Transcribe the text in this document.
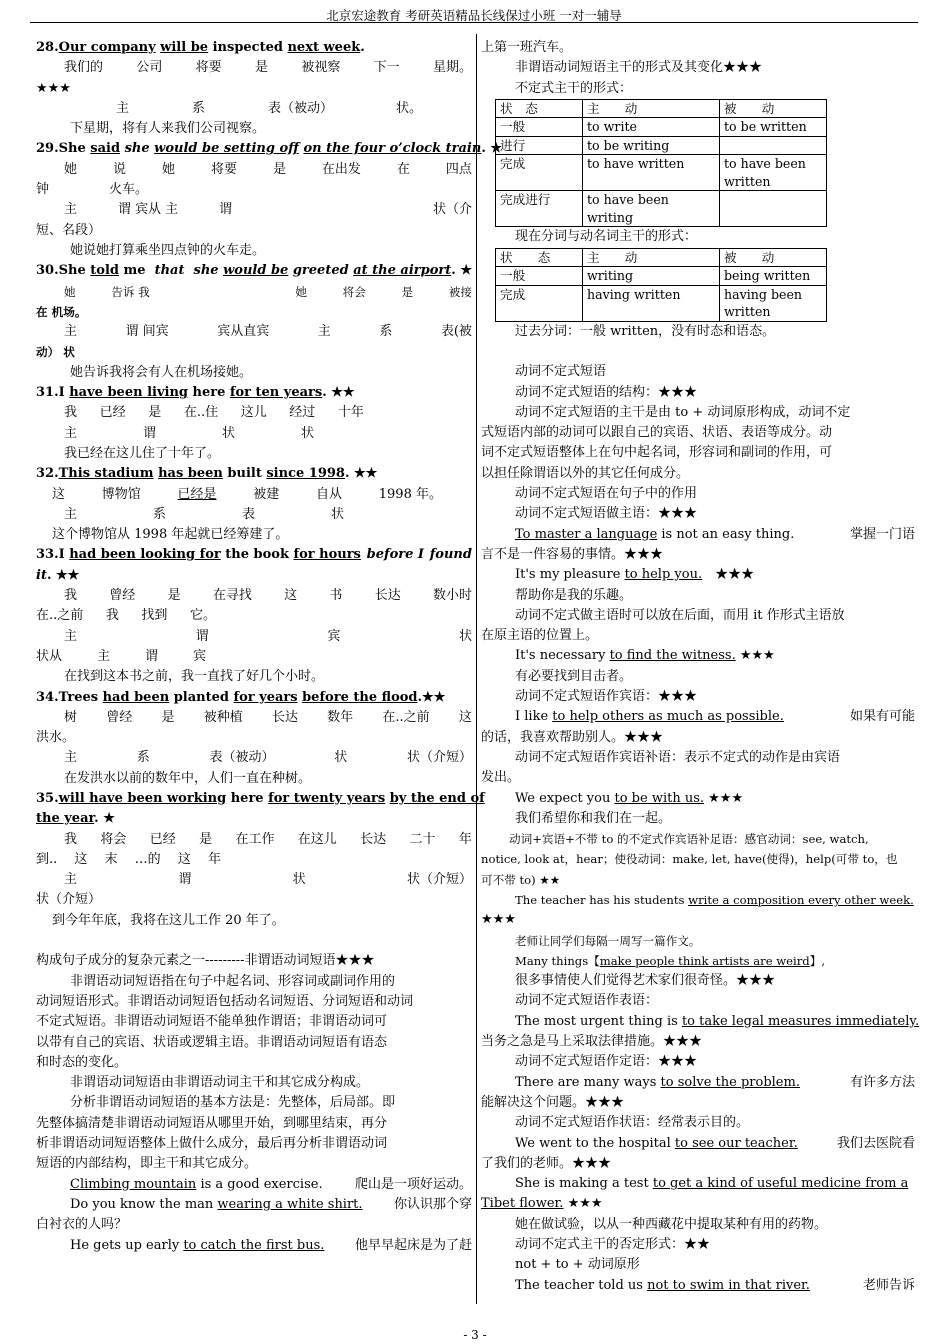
北京宏途教育 考研英语精品长线保过小班 一对一辅导
28.Our company will be inspected next week.
我们的	公司	将要	是	被视察	下一	星期。
★★★
主	系	表（被动）	状。
下星期，将有人来我们公司视察。
29.She said she would be setting off on the four o’clock train. ★
她	说	她	将要	是	在出发	在	四点
钟	火车。
主	谓 宾从 主	谓	状（介
短、名段）
她说她打算乘坐四点钟的火车走。
30.She told me that she would be greeted at the airport. ★
她	告诉 我	她	将会	是	被接
在 机场。
主	谓 间宾	宾从直宾	主	系	表(被
动） 状
她告诉我将会有人在机场接她。
31.I have been living here for ten years. ★★
我 已经 是 在..住 这儿 经过 十年
主	谓	状	状
我已经在这儿住了十年了。
32.This stadium has been built since 1998. ★★
这	博物馆	已经是	被建	自从	1998 年。
主	系	表	状
这个博物馆从 1998 年起就已经筹建了。
33.I had been looking for the book for hours before I found
it. ★★
我 曾经 是 在寻找 这 书 长达 数小时
在..之前 我 找到 它。
主	谓	宾	状
状从	主	谓	宾
在找到这本书之前，我一直找了好几个小时。
34.Trees had been planted for years before the flood.★★
树 曾经 是 被种植 长达 数年 在..之前 这
洪水。
主	系	表（被动）	状	状（介短）
在发洪水以前的数年中，人们一直在种树。
35.will have been working here for twenty years by the end of
the year. ★
我 将会 已经 是 在工作 在这儿 长达 二十 年
到.. 这 末 …的 这 年
主	谓	状	状（介短）
状（介短）
到今年年底，我将在这儿工作 20 年了。
构成句子成分的复杂元素之一---------非谓语动词短语★★★
非谓语动词短语指在句子中起名词、形容词或副词作用的
动词短语形式。非谓语动词短语包括动名词短语、分词短语和动词
不定式短语。非谓语动词短语不能单独作谓语；非谓语动词可
以带有自己的宾语、状语或逻辑主语。非谓语动词短语有语态
和时态的变化。
非谓语动词短语由非谓语动词主干和其它成分构成。
分析非谓语动词短语的基本方法是：先整体，后局部。即
先整体搞清楚非谓语动词短语从哪里开始，到哪里结束，再分
析非谓语动词短语整体上做什么成分，最后再分析非谓语动词
短语的内部结构，即主干和其它成分。
Climbing mountain is a good exercise. 爬山是一项好运动。
Do you know the man wearing a white shirt. 你认识那个穿
白衬衣的人吗？
He gets up early to catch the first bus. 他早早起床是为了赶
上第一班汽车。
非谓语动词短语主干的形式及其变化★★★
不定式主干的形式：
状　态	主　　动	被　　动
一般	to write	to be written
进行	to be writing	
完成	to have written	to have been written
完成进行	to have been writing	
现在分词与动名词主干的形式：
状　　态	主　　动	被　　动
一般	writing	being written
完成	having written	having been written
过去分词：一般 written，没有时态和语态。
动词不定式短语
动词不定式短语的结构：★★★
动词不定式短语的主干是由 to + 动词原形构成，动词不定
式短语内部的动词可以跟自己的宾语、状语、表语等成分。动
词不定式短语整体上在句中起名词，形容词和副词的作用，可
以担任除谓语以外的其它任何成分。
动词不定式短语在句子中的作用
动词不定式短语做主语：★★★
To master a language is not an easy thing.	掌握一门语
言不是一件容易的事情。★★★
It's my pleasure to help you.　★★★
帮助你是我的乐趣。
动词不定式做主语时可以放在后面，而用 it 作形式主语放
在原主语的位置上。
It's necessary to find the witness. ★★★
有必要找到目击者。
动词不定式短语作宾语：★★★
I like to help others as much as possible.	如果有可能
的话，我喜欢帮助别人。★★★
动词不定式短语作宾语补语：表示不定式的动作是由宾语
发出。
We expect you to be with us. ★★★
我们希望你和我们在一起。
动词+宾语+不带 to 的不定式作宾语补足语：感官动词：see, watch,
notice, look at，hear；使役动词：make, let, have(使得)，help(可带 to，也
可不带 to) ★★
The teacher has his students write a composition every other week.
★★★
老师让同学们每隔一周写一篇作文。
Many things【make people think artists are weird】,
很多事情使人们觉得艺术家们很奇怪。★★★
动词不定式短语作表语：
The most urgent thing is to take legal measures immediately.
当务之急是马上采取法律措施。★★★
动词不定式短语作定语：★★★
There are many ways to solve the problem.	有许多方法
能解决这个问题。★★★
动词不定式短语作状语：经常表示目的。
We went to the hospital to see our teacher.	我们去医院看
了我们的老师。★★★
She is making a test to get a kind of useful medicine from a
Tibet flower. ★★★
她在做试验，以从一种西藏花中提取某种有用的药物。
动词不定式主干的否定形式：★★
not + to + 动词原形
The teacher told us not to swim in that river.	老师告诉
- 3 -
